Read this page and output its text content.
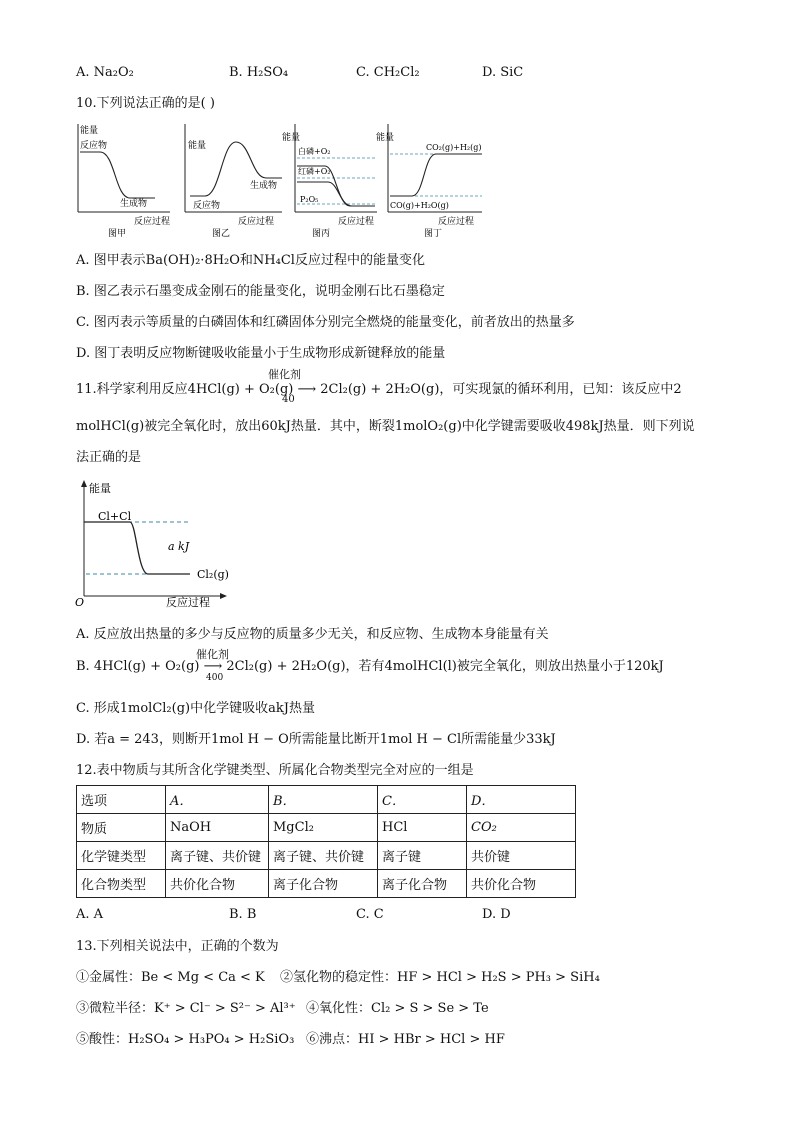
A. Na₂O₂	B. H₂SO₄	C. CH₂Cl₂	D. SiC
10.下列说法正确的是( )
能量
反应物
生成物
反应过程
图甲
能量
生成物
反应物
反应过程
图乙
能量
白磷+O₂
红磷+O₂
P₂O₅
反应过程
图丙
能量
CO₂(g)+H₂(g)
CO(g)+H₂O(g)
反应过程
图丁
A. 图甲表示Ba(OH)₂·8H₂O和NH₄Cl反应过程中的能量变化
B. 图乙表示石墨变成金刚石的能量变化，说明金刚石比石墨稳定
C. 图丙表示等质量的白磷固体和红磷固体分别完全燃烧的能量变化，前者放出的热量多
D. 图丁表明反应物断键吸收能量小于生成物形成新键释放的能量
11.科学家利用反应4HCl(g) + O₂(g) ⟶ 2Cl₂(g) + 2H₂O(g)，可实现氯的循环利用，已知：该反应中2
催化剂
40
molHCl(g)被完全氧化时，放出60kJ热量．其中，断裂1molO₂(g)中化学键需要吸收498kJ热量．则下列说
法正确的是
能量
Cl+Cl
a kJ
Cl₂(g)
O	反应过程
A. 反应放出热量的多少与反应物的质量多少无关，和反应物、生成物本身能量有关
B. 4HCl(g) + O₂(g) ⟶ 2Cl₂(g) + 2H₂O(g)，若有4molHCl(l)被完全氧化，则放出热量小于120kJ
催化剂
400
C. 形成1molCl₂(g)中化学键吸收akJ热量
D. 若a = 243，则断开1mol H − O所需能量比断开1mol H − Cl所需能量少33kJ
12.表中物质与其所含化学键类型、所属化合物类型完全对应的一组是
选项	A．	B．	C．	D．
物质	NaOH	MgCl₂	HCl	CO₂
化学键类型	离子键、共价键	离子键、共价键	离子键	共价键
化合物类型	共价化合物	离子化合物	离子化合物	共价化合物
A. A	B. B	C. C	D. D
13.下列相关说法中，正确的个数为
①金属性：Be < Mg < Ca < K ②氢化物的稳定性：HF > HCl > H₂S > PH₃ > SiH₄
③微粒半径：K⁺ > Cl⁻ > S²⁻ > Al³⁺ ④氧化性：Cl₂ > S > Se > Te
⑤酸性：H₂SO₄ > H₃PO₄ > H₂SiO₃ ⑥沸点：HI > HBr > HCl > HF
